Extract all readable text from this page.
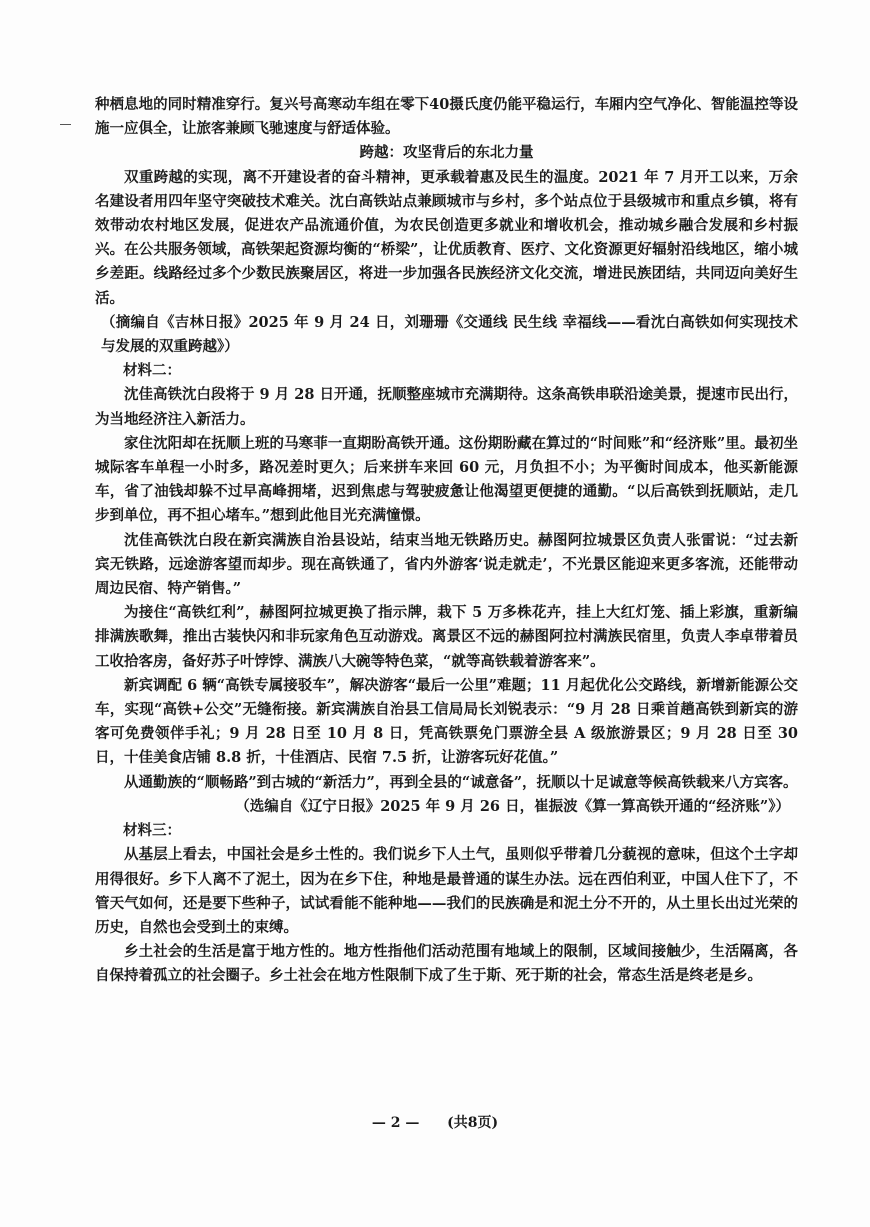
种栖息地的同时精准穿行。复兴号高寒动车组在零下40摄氏度仍能平稳运行，车厢内空气净化、智能温控等设施一应俱全，让旅客兼顾飞驰速度与舒适体验。

跨越：攻坚背后的东北力量

双重跨越的实现，离不开建设者的奋斗精神，更承载着惠及民生的温度。2021 年 7 月开工以来，万余名建设者用四年坚守突破技术难关。沈白高铁站点兼顾城市与乡村，多个站点位于县级城市和重点乡镇，将有效带动农村地区发展，促进农产品流通价值，为农民创造更多就业和增收机会，推动城乡融合发展和乡村振兴。在公共服务领域，高铁架起资源均衡的“桥梁”，让优质教育、医疗、文化资源更好辐射沿线地区，缩小城乡差距。线路经过多个少数民族聚居区，将进一步加强各民族经济文化交流，增进民族团结，共同迈向美好生活。

（摘编自《吉林日报》2025 年 9 月 24 日，刘珊珊《交通线 民生线 幸福线——看沈白高铁如何实现技术与发展的双重跨越》）

材料二：

沈佳高铁沈白段将于 9 月 28 日开通，抚顺整座城市充满期待。这条高铁串联沿途美景，提速市民出行，为当地经济注入新活力。

家住沈阳却在抚顺上班的马寒菲一直期盼高铁开通。这份期盼藏在算过的“时间账”和“经济账”里。最初坐城际客车单程一小时多，路况差时更久；后来拼车来回 60 元，月负担不小；为平衡时间成本，他买新能源车，省了油钱却躲不过早高峰拥堵，迟到焦虑与驾驶疲惫让他渴望更便捷的通勤。“以后高铁到抚顺站，走几步到单位，再不担心堵车。”想到此他目光充满憧憬。

沈佳高铁沈白段在新宾满族自治县设站，结束当地无铁路历史。赫图阿拉城景区负责人张雷说：“过去新宾无铁路，远途游客望而却步。现在高铁通了，省内外游客‘说走就走’，不光景区能迎来更多客流，还能带动周边民宿、特产销售。”

为接住“高铁红利”，赫图阿拉城更换了指示牌，栽下 5 万多株花卉，挂上大红灯笼、插上彩旗，重新编排满族歌舞，推出古装快闪和非玩家角色互动游戏。离景区不远的赫图阿拉村满族民宿里，负责人李卓带着员工收拾客房，备好苏子叶饽饽、满族八大碗等特色菜，“就等高铁载着游客来”。

新宾调配 6 辆“高铁专属接驳车”，解决游客“最后一公里”难题；11 月起优化公交路线，新增新能源公交车，实现“高铁+公交”无缝衔接。新宾满族自治县工信局局长刘锐表示：“9 月 28 日乘首趟高铁到新宾的游客可免费领伴手礼；9 月 28 日至 10 月 8 日，凭高铁票免门票游全县 A 级旅游景区；9 月 28 日至 30 日，十佳美食店铺 8.8 折，十佳酒店、民宿 7.5 折，让游客玩好花值。”

从通勤族的“顺畅路”到古城的“新活力”，再到全县的“诚意备”，抚顺以十足诚意等候高铁载来八方宾客。

（选编自《辽宁日报》2025 年 9 月 26 日，崔振波《算一算高铁开通的“经济账”》）

材料三：

从基层上看去，中国社会是乡土性的。我们说乡下人土气，虽则似乎带着几分藐视的意味，但这个土字却用得很好。乡下人离不了泥土，因为在乡下住，种地是最普通的谋生办法。远在西伯利亚，中国人住下了，不管天气如何，还是要下些种子，试试看能不能种地——我们的民族确是和泥土分不开的，从土里长出过光荣的历史，自然也会受到土的束缚。

乡土社会的生活是富于地方性的。地方性指他们活动范围有地域上的限制，区域间接触少，生活隔离，各自保持着孤立的社会圈子。乡土社会在地方性限制下成了生于斯、死于斯的社会，常态生活是终老是乡。

— 2 — (共8页)
